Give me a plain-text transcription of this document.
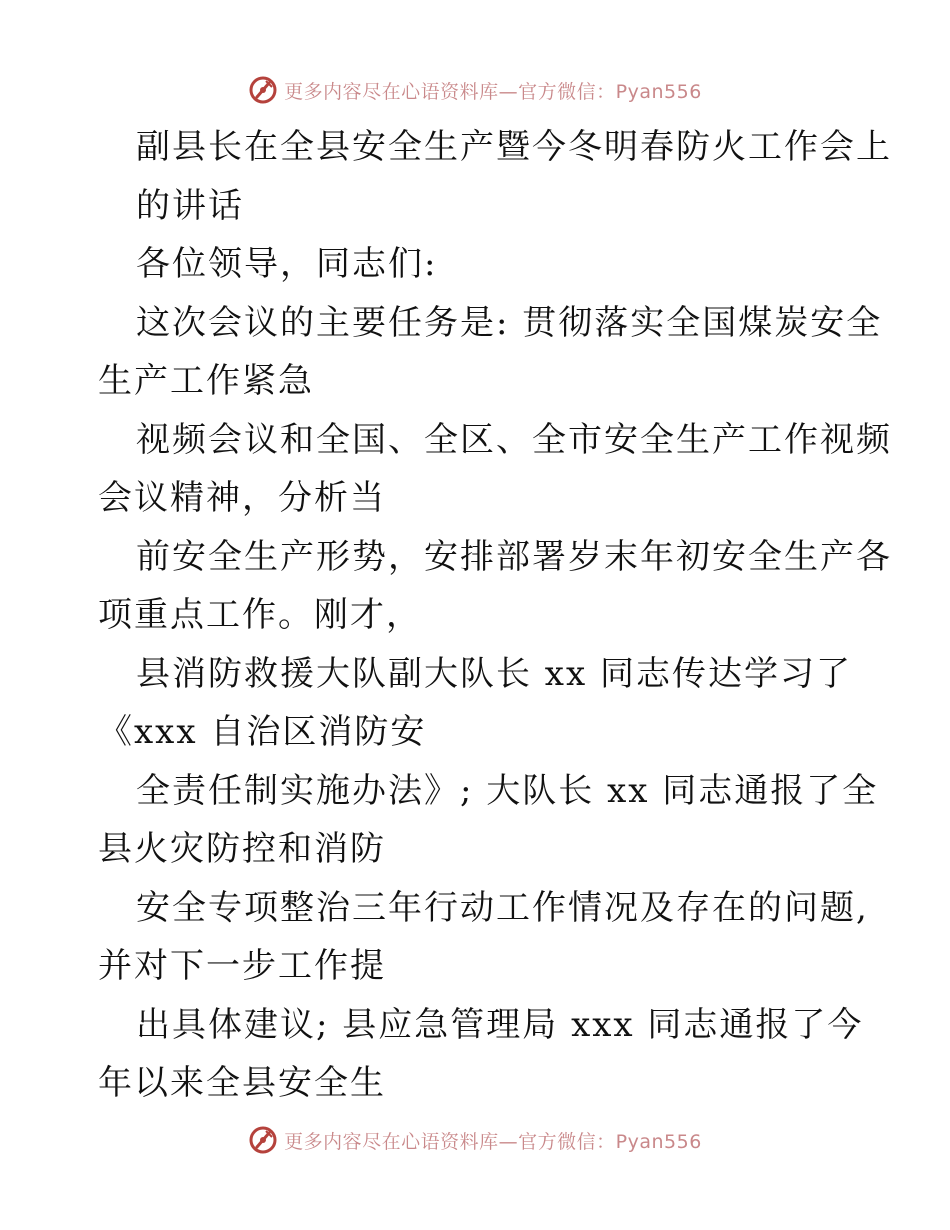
更多内容尽在心语资料库—官方微信：Pyan556
副县长在全县安全生产暨今冬明春防火工作会上
的讲话
各位领导，同志们:
这次会议的主要任务是: 贯彻落实全国煤炭安全
生产工作紧急
视频会议和全国、全区、全市安全生产工作视频
会议精神，分析当
前安全生产形势，安排部署岁末年初安全生产各
项重点工作。刚才，
县消防救援大队副大队长 xx 同志传达学习了
《xxx 自治区消防安
全责任制实施办法》; 大队长 xx 同志通报了全
县火灾防控和消防
安全专项整治三年行动工作情况及存在的问题,
并对下一步工作提
出具体建议; 县应急管理局 xxx 同志通报了今
年以来全县安全生
更多内容尽在心语资料库—官方微信：Pyan556
